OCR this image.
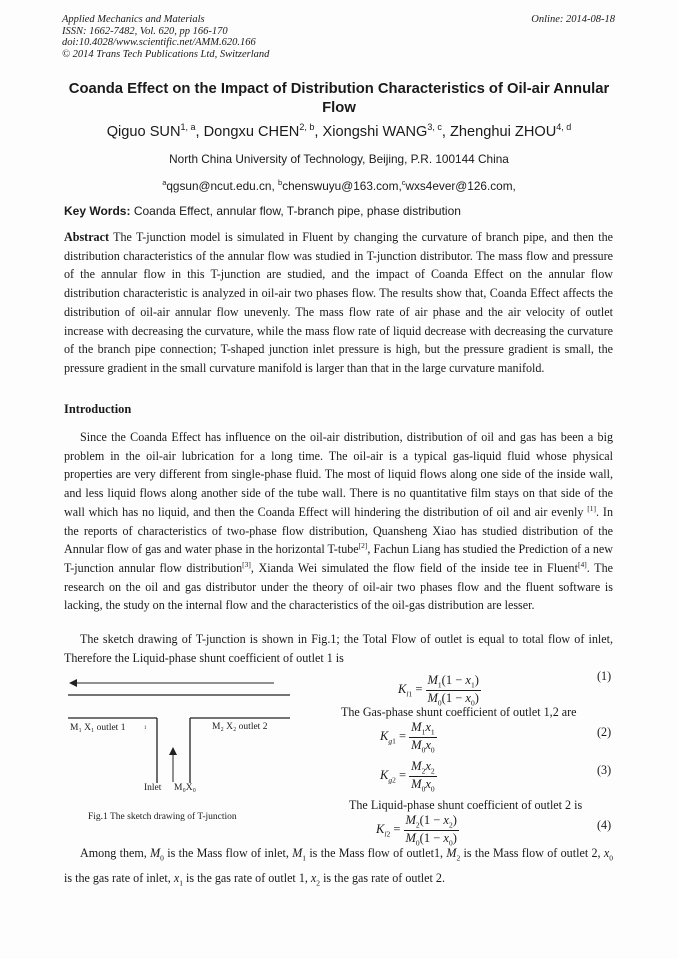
Applied Mechanics and Materials
ISSN: 1662-7482, Vol. 620, pp 166-170
doi:10.4028/www.scientific.net/AMM.620.166
© 2014 Trans Tech Publications Ltd, Switzerland
Online: 2014-08-18
Coanda Effect on the Impact of Distribution Characteristics of Oil-air Annular Flow
Qiguo SUN$^{1, a}$, Dongxu CHEN$^{2, b}$, Xiongshi WANG$^{3, c}$, Zhenghui ZHOU$^{4, d}$
North China University of Technology, Beijing, P.R. 100144 China
$^a$qgsun@ncut.edu.cn, $^b$chenswuyu@163.com,$^c$wxs4ever@126.com,
Key Words: Coanda Effect, annular flow, T-branch pipe, phase distribution
Abstract The T-junction model is simulated in Fluent by changing the curvature of branch pipe, and then the distribution characteristics of the annular flow was studied in T-junction distributor. The mass flow and pressure of the annular flow in this T-junction are studied, and the impact of Coanda Effect on the annular flow distribution characteristic is analyzed in oil-air two phases flow. The results show that, Coanda Effect affects the distribution of oil-air annular flow unevenly. The mass flow rate of air phase and the air velocity of outlet increase with decreasing the curvature, while the mass flow rate of liquid decrease with decreasing the curvature of the branch pipe connection; T-shaped junction inlet pressure is high, but the pressure gradient is small, the pressure gradient in the small curvature manifold is larger than that in the large curvature manifold.
Introduction
Since the Coanda Effect has influence on the oil-air distribution, distribution of oil and gas has been a big problem in the oil-air lubrication for a long time. The oil-air is a typical gas-liquid fluid whose physical properties are very different from single-phase fluid. The most of liquid flows along one side of the inside wall, and less liquid flows along another side of the tube wall. There is no quantitative film stays on that side of the wall which has no liquid, and then the Coanda Effect will hindering the distribution of oil and air evenly [1]. In the reports of characteristics of two-phase flow distribution, Quansheng Xiao has studied distribution of the Annular flow of gas and water phase in the horizontal T-tube[2], Fachun Liang has studied the Prediction of a new T-junction annular flow distribution[3], Xianda Wei simulated the flow field of the inside tee in Fluent[4]. The research on the oil and gas distributor under the theory of oil-air two phases flow and the fluent software is lacking, the study on the internal flow and the characteristics of the oil-gas distribution are lesser.
The sketch drawing of T-junction is shown in Fig.1; the Total Flow of outlet is equal to total flow of inlet, Therefore the Liquid-phase shunt coefficient of outlet 1 is
M₁ X₁ outlet 1	M₂ X₂ outlet 2
1
Inlet M₀X₀
Fig.1 The sketch drawing of T-junction
$K_{l1} = \frac{M_1(1 - x_1)}{M_0(1 - x_0)}$	(1)
The Gas-phase shunt coefficient of outlet 1,2 are
$K_{g1} = \frac{M_1x_1}{M_0x_0}$	(2)
$K_{g2} = \frac{M_2x_2}{M_0x_0}$	(3)
The Liquid-phase shunt coefficient of outlet 2 is
$K_{l2} = \frac{M_2(1 - x_2)}{M_0(1 - x_0)}$	(4)
Among them, $M_0$ is the Mass flow of inlet, $M_1$ is the Mass flow of outlet1, $M_2$ is the Mass flow of outlet 2, $x_0$ is the gas rate of inlet, $x_1$ is the gas rate of outlet 1, $x_2$ is the gas rate of outlet 2.
